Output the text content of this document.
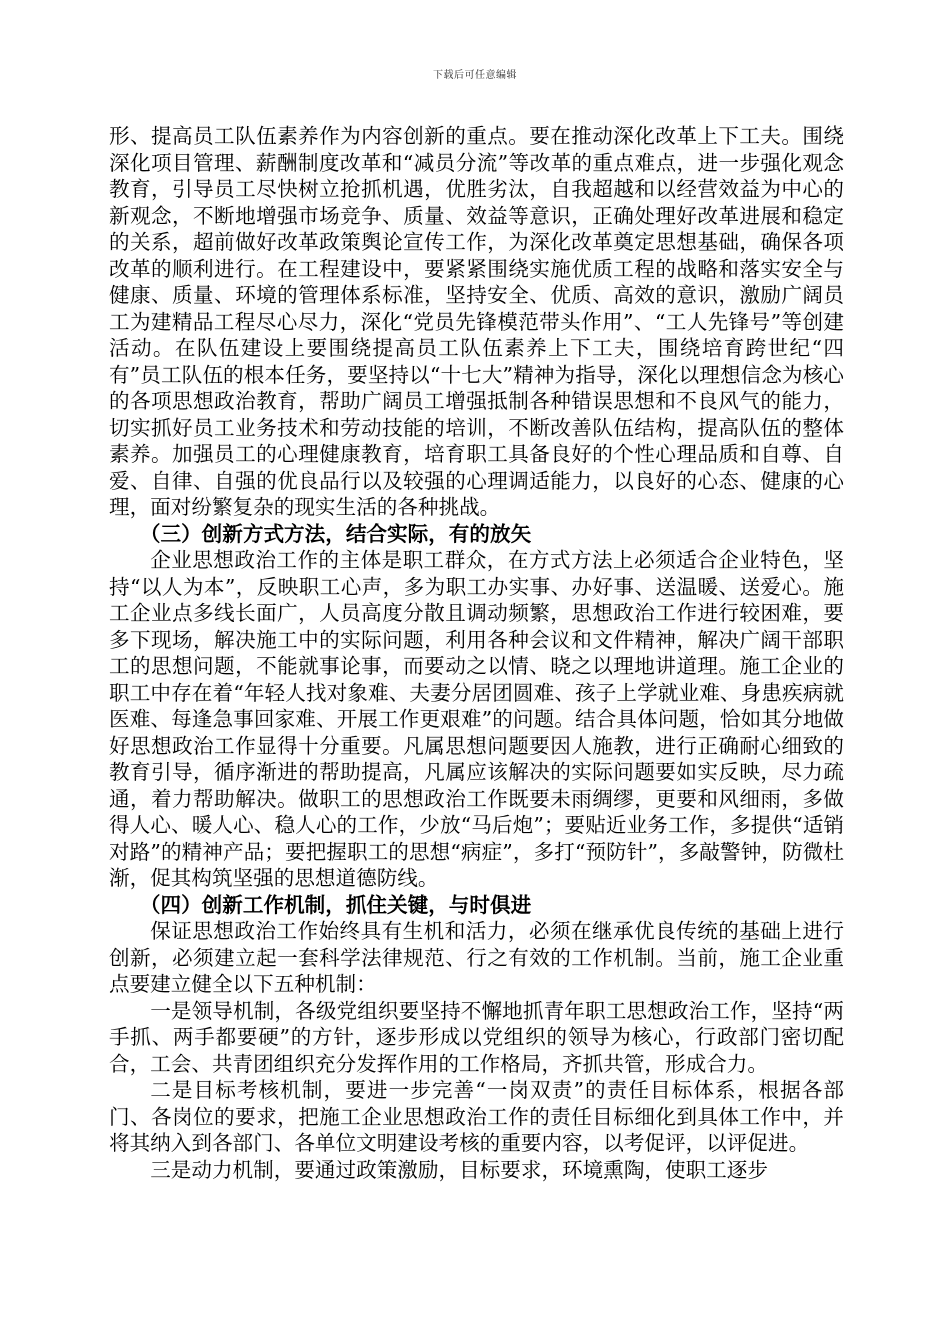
下载后可任意编辑

形、提高员工队伍素养作为内容创新的重点。要在推动深化改革上下工夫。围绕深化项目管理、薪酬制度改革和“减员分流”等改革的重点难点，进一步强化观念教育，引导员工尽快树立抢抓机遇，优胜劣汰，自我超越和以经营效益为中心的新观念，不断地增强市场竞争、质量、效益等意识，正确处理好改革进展和稳定的关系，超前做好改革政策舆论宣传工作，为深化改革奠定思想基础，确保各项改革的顺利进行。在工程建设中，要紧紧围绕实施优质工程的战略和落实安全与健康、质量、环境的管理体系标准，坚持安全、优质、高效的意识，激励广阔员工为建精品工程尽心尽力，深化“党员先锋模范带头作用”、“工人先锋号”等创建活动。在队伍建设上要围绕提高员工队伍素养上下工夫，围绕培育跨世纪“四有”员工队伍的根本任务，要坚持以“十七大”精神为指导，深化以理想信念为核心的各项思想政治教育，帮助广阔员工增强抵制各种错误思想和不良风气的能力，切实抓好员工业务技术和劳动技能的培训，不断改善队伍结构，提高队伍的整体素养。加强员工的心理健康教育，培育职工具备良好的个性心理品质和自尊、自爱、自律、自强的优良品行以及较强的心理调适能力，以良好的心态、健康的心理，面对纷繁复杂的现实生活的各种挑战。

（三）创新方式方法，结合实际，有的放矢

企业思想政治工作的主体是职工群众，在方式方法上必须适合企业特色，坚持“以人为本”，反映职工心声，多为职工办实事、办好事、送温暖、送爱心。施工企业点多线长面广，人员高度分散且调动频繁，思想政治工作进行较困难，要多下现场，解决施工中的实际问题，利用各种会议和文件精神，解决广阔干部职工的思想问题，不能就事论事，而要动之以情、晓之以理地讲道理。施工企业的职工中存在着“年轻人找对象难、夫妻分居团圆难、孩子上学就业难、身患疾病就医难、每逢急事回家难、开展工作更艰难”的问题。结合具体问题，恰如其分地做好思想政治工作显得十分重要。凡属思想问题要因人施教，进行正确耐心细致的教育引导，循序渐进的帮助提高，凡属应该解决的实际问题要如实反映，尽力疏通，着力帮助解决。做职工的思想政治工作既要未雨绸缪，更要和风细雨，多做得人心、暖人心、稳人心的工作，少放“马后炮”；要贴近业务工作，多提供“适销对路”的精神产品；要把握职工的思想“病症”，多打“预防针”，多敲警钟，防微杜渐，促其构筑坚强的思想道德防线。

（四）创新工作机制，抓住关键，与时俱进

保证思想政治工作始终具有生机和活力，必须在继承优良传统的基础上进行创新，必须建立起一套科学法律规范、行之有效的工作机制。当前，施工企业重点要建立健全以下五种机制：

一是领导机制，各级党组织要坚持不懈地抓青年职工思想政治工作，坚持“两手抓、两手都要硬”的方针，逐步形成以党组织的领导为核心，行政部门密切配合，工会、共青团组织充分发挥作用的工作格局，齐抓共管，形成合力。

二是目标考核机制，要进一步完善“一岗双责”的责任目标体系，根据各部门、各岗位的要求，把施工企业思想政治工作的责任目标细化到具体工作中，并将其纳入到各部门、各单位文明建设考核的重要内容，以考促评，以评促进。

三是动力机制，要通过政策激励，目标要求，环境熏陶，使职工逐步
